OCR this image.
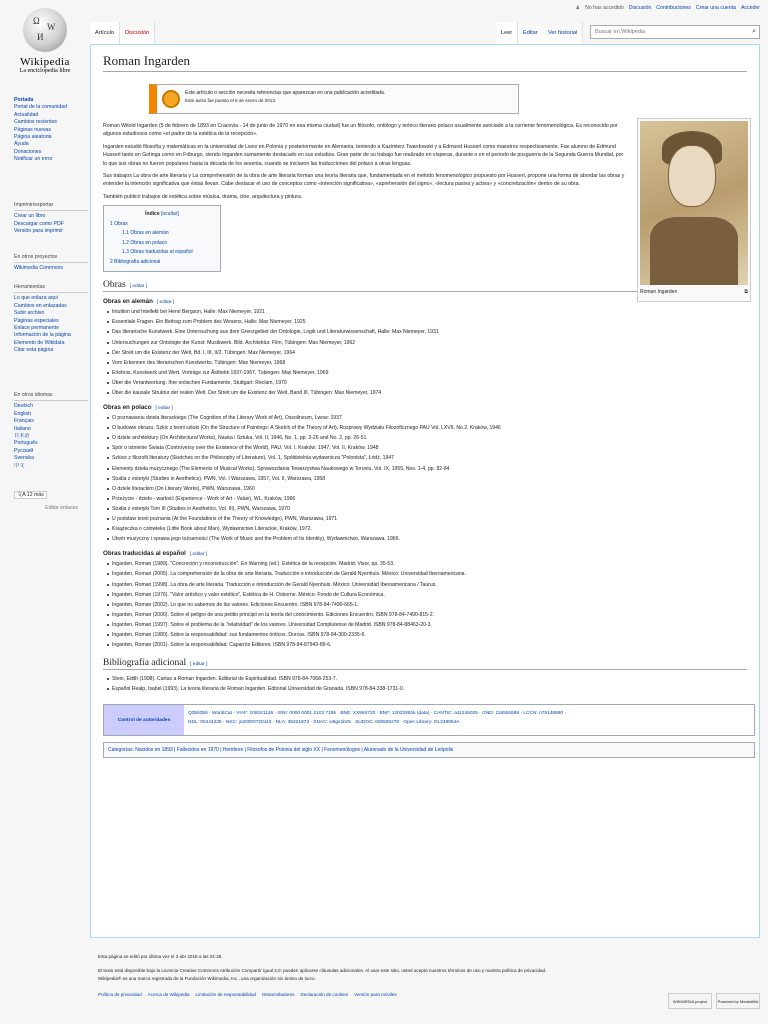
Ω
W
И
Wikipedia
La enciclopedia libre
Portada
Portal de la comunidad
Actualidad
Cambios recientes
Páginas nuevas
Página aleatoria
Ayuda
Donaciones
Notificar un error
Imprimir/exportar
Crear un libro
Descargar como PDF
Versión para imprimir
En otros proyectos
Wikimedia Commons
Herramientas
Lo que enlaza aquí
Cambios en enlazadas
Subir archivo
Páginas especiales
Enlace permanente
Información de la página
Elemento de Wikidata
Citar esta página
En otros idiomas
Deutsch
English
Français
Italiano
日本語
Português
Русский
Svenska
中文
文A 12 más
Editar enlaces
♟ No has accedido Discusión Contribuciones Crear una cuenta Acceder
Artículo	Discusión	Leer	Editar	Ver historial	Buscar en Wikipedia	⌕
Roman Ingarden
Este artículo o sección necesita referencias que aparezcan en una publicación acreditada.
Este aviso fue puesto el 6 de enero de 2013.

Roman Witold Ingarden (5 de febrero de 1893 en Cracovia - 14 de junio de 1970 en esa misma ciudad) fue un filósofo, ontólogo y teórico literario polaco usualmente asociado a la corriente fenomenológica. Es reconocido por algunos estudiosos como «el padre de la estética de la recepción».

Ingarden estudió filosofía y matemáticas en la universidad de Lwov en Polonia y posteriormente en Alemania, teniendo a Kazimierz Twardowski y a Edmund Husserl como maestros respectivamente. Fue alumno de Edmund Husserl tanto en Gotinga como en Friburgo, siendo Ingarden sumamente destacado en sus estudios. Gran parte de su trabajo fue realizado en vísperas, durante o en el periodo de posguerra de la Segunda Guerra Mundial, por lo que sus obras no fueron populares hasta la década de los sesenta, cuando se iniciaron las traducciones del polaco a otras lenguas.

Sus trabajos La obra de arte literaria y La comprehensión de la obra de arte literaria forman una teoría literaria que, fundamentada en el método fenomenológico propuesto por Husserl, propone una forma de abordar las obras y entender la intención significativa que éstas llevan. Cabe destacar el uso de conceptos como «intención significativa», «aprehensión del signo», «lectura pasiva y activa» y «concretización» dentro de su obra.

También publicó trabajos de estética sobre música, drama, cine, arquitectura y pintura.

Índice [ocultar]
1 Obras
1.1 Obras en alemán
1.2 Obras en polaco
1.3 Obras traducidas al español
2 Bibliografía adicional
Obras [ editar ]
Obras en alemán [ editar ]
Intuition und Intellekt bei Henri Bergson, Halle: Max Niemeyer, 1921
Essentiale Fragen. Ein Beitrag zum Problem des Wesens, Halle: Max Niemeyer, 1925
Das literarische Kunstwerk. Eine Untersuchung aus dem Grenzgebiet der Ontologie, Logik und Literaturwissenschaft, Halle: Max Niemeyer, 1931
Untersuchungen zur Ontologie der Kunst: Musikwerk. Bild. Architektur. Film, Tübingen: Max Niemeyer, 1962
Der Streit um die Existenz der Welt, Bd. I, III, II/2. Tübingen: Max Niemeyer, 1964
Vom Erkennen des literarischen Kunstwerks, Tübingen: Max Niemeyer, 1968
Erlebnis, Kunstwerk und Wert. Vorträge zur Ästhetik 1937-1967, Tübingen: Max Niemeyer, 1969
Über die Verantwortung. Ihre ontischen Fundamente, Stuttgart: Reclam, 1970
Über die kausale Struktur der realen Welt. Der Streit um die Existenz der Welt, Band III, Tübingen: Max Niemeyer, 1974
Obras en polaco [ editar ]
O poznawaniu dzieła literackiego (The Cognition of the Literary Work of Art), Ossolineum, Lwow: 1937
O budowie obrazu. Szkic z teorii sztuki (On the Structure of Paintings: A Sketch of the Theory of Art), Rozprawy Wydziału Filozoficznego PAU Vol. LXVII, No.2, Kraków, 1946
O dziele architektury (On Architectural Works), Nauka i Sztuka, Vol. II, 1946, No. 1, pp. 3-26 and No. 2, pp. 26-51
Spór o istnienie Świata (Controversy over the Existence of the World), PAU, Vol. I, Kraków: 1947, Vol. II, Kraków, 1948
Szkice z filozofii literatury (Sketches on the Philosophy of Literature), Vol. 1, Spółdzielnia wydawnicza "Polonista", Łódź, 1947
Elementy dzieła muzycznego (The Elements of Musical Works), Sprawozdania Towarzystwa Naukowego w Toruniu, Vol. IX, 1955, Nos. 1-4, pp. 82-84
Studia z estetyki (Studies in Aesthetics), PWN, Vol. I Warszawa, 1957, Vol. II, Warszawa, 1958
O dziele literackim (On Literary Works), PWN, Warszawa, 1960
Przeżycie - dzieło - wartość (Experience - Work of Art - Value), WL, Kraków, 1966
Studia z estetyki Tom III (Studies in Aesthetics, Vol. III), PWN, Warszawa, 1970
U podstaw teorii poznania (At the Foundations of the Theory of Knowledge), PWN, Warszawa, 1971
Książeczka o człowieku (Little Book about Man), Wydawnictwo Literackie, Kraków, 1972.
Utwór muzyczny i sprawa jego tożsamości (The Work of Music and the Problem of Its Identity), Wydawnictwo, Warszawa, 1966.
Obras traducidas al español [ editar ]
Ingarden, Roman (1989). "Concreción y reconstrucción". En Warning (ed.). Estética de la recepción. Madrid: Visor, pp. 35-53.
Ingarden, Roman (2005). La comprehensión de la obra de arte literaria. Traducción e introducción de Gerald Nyenhuis. México: Universidad Iberoamericana.
Ingarden, Roman (1998). La obra de arte literaria. Traducción e introducción de Gerald Nyenhuis. México: Universidad Iberoamericana / Taurus.
Ingarden, Roman (1976). "Valor artístico y valor estético", Estética de H. Osborne. México: Fondo de Cultura Económica.
Ingarden, Roman (2002). Lo que no sabemos de los valores. Ediciones Encuentro. ISBN 978-84-7490-665-1.
Ingarden, Roman (2006). Sobre el peligro de una petitio principii en la teoría del conocimiento. Ediciones Encuentro. ISBN 978-84-7490-815-2.
Ingarden, Roman (1997). Sobre el problema de la "relatividad" de los valores. Universidad Complutense de Madrid. ISBN 978-84-88463-20-3.
Ingarden, Roman (1980). Sobre la responsabilidad: sus fundamentos ónticos. Dorcas. ISBN 978-84-300-2335-6.
Ingarden, Roman (2001). Sobre la responsabilidad. Caparrós Editores. ISBN 978-84-87943-89-6.
Bibliografía adicional [ editar ]
Stein, Edith (1998). Cartas a Roman Ingarden. Editorial de Espiritualidad. ISBN 978-84-7068-253-7.
Español Realp, Isabel (1993). La teoría literaria de Roman Ingarden. Editorial Universidad de Granada. ISBN 978-84-338-1731-0.
Control de autoridades
Q355355 · WorldCat · VIAF: 108241126 · ISNI: 0000 0001 2103 7185 · BNE: XX884720 · BNF: 12032881k (data) · CANTIC: a11245025 · GND: 118555588 · LCCN: n79148890 ·
NDL: 00444235 · NKC: jn20000720110 · NLA: 35221873 · SNAC: w6gx1bz5 · SUDOC: 028506278 · Open Library: OL249954A
Categorías: Nacidos en 1893 | Fallecidos en 1970 | Hombres | Filósofos de Polonia del siglo XX | Fenomenólogos | Alumnado de la Universidad de Leópolis
Roman Ingarden	⧉
Esta página se editó por última vez el 3 abr 2018 a las 01:28.
El texto está disponible bajo la Licencia Creative Commons Atribución Compartir Igual 3.0; pueden aplicarse cláusulas adicionales. Al usar este sitio, usted acepta nuestros términos de uso y nuestra política de privacidad.
Wikipedia® es una marca registrada de la Fundación Wikimedia, Inc., una organización sin ánimo de lucro.
Política de privacidad Acerca de Wikipedia Limitación de responsabilidad Desarrolladores Declaración de cookies Versión para móviles
WIKIMEDIA project	Powered by MediaWiki
